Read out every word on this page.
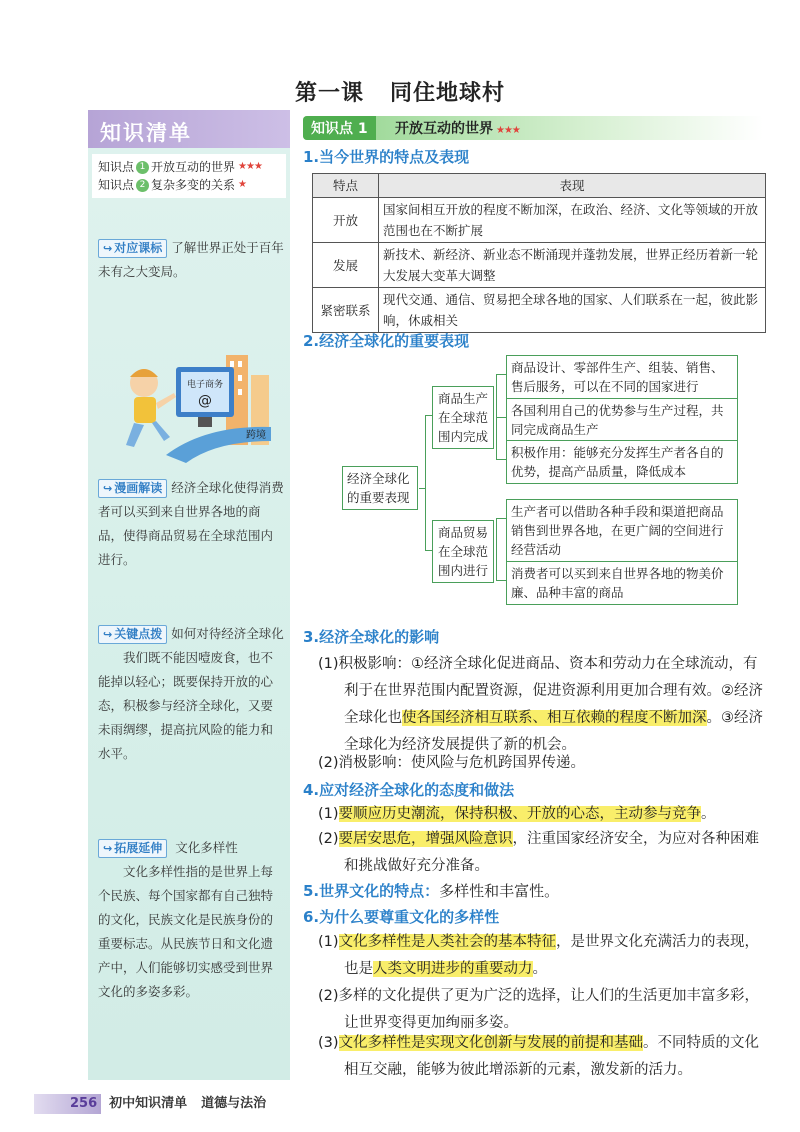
第一课 同住地球村
知识清单
知识点 1 开放互动的世界 ★★★
知识点 2 复杂多变的关系 ★
↪ 对应课标 了解世界正处于百年未有之大变局。
电子商务
@
跨境
↪ 漫画解读 经济全球化使得消费者可以买到来自世界各地的商品，使得商品贸易在全球范围内进行。
↪ 关键点拨 如何对待经济全球化
我们既不能因噎废食，也不能掉以轻心；既要保持开放的心态，积极参与经济全球化，又要未雨绸缪，提高抗风险的能力和水平。
↪ 拓展延伸 文化多样性
文化多样性指的是世界上每个民族、每个国家都有自己独特的文化，民族文化是民族身份的重要标志。从民族节日和文化遗产中，人们能够切实感受到世界文化的多姿多彩。
知识点 1	开放互动的世界 ★★★
1.当今世界的特点及表现
特点	表现
开放	国家间相互开放的程度不断加深，在政治、经济、文化等领域的开放范围也在不断扩展
发展	新技术、新经济、新业态不断涌现并蓬勃发展，世界正经历着新一轮大发展大变革大调整
紧密联系	现代交通、通信、贸易把全球各地的国家、人们联系在一起，彼此影响，休戚相关
2.经济全球化的重要表现
经济全球化的重要表现
商品生产在全球范围内完成
商品贸易在全球范围内进行
商品设计、零部件生产、组装、销售、售后服务，可以在不同的国家进行
各国利用自己的优势参与生产过程，共同完成商品生产
积极作用：能够充分发挥生产者各自的优势，提高产品质量，降低成本
生产者可以借助各种手段和渠道把商品销售到世界各地，在更广阔的空间进行经营活动
消费者可以买到来自世界各地的物美价廉、品种丰富的商品
3.经济全球化的影响
(1)积极影响：①经济全球化促进商品、资本和劳动力在全球流动，有利于在世界范围内配置资源，促进资源利用更加合理有效。②经济全球化也使各国经济相互联系、相互依赖的程度不断加深。③经济全球化为经济发展提供了新的机会。
(2)消极影响：使风险与危机跨国界传递。
4.应对经济全球化的态度和做法
(1)要顺应历史潮流，保持积极、开放的心态，主动参与竞争。
(2)要居安思危，增强风险意识，注重国家经济安全，为应对各种困难和挑战做好充分准备。
5.世界文化的特点：多样性和丰富性。
6.为什么要尊重文化的多样性
(1)文化多样性是人类社会的基本特征，是世界文化充满活力的表现，也是人类文明进步的重要动力。
(2)多样的文化提供了更为广泛的选择，让人们的生活更加丰富多彩，让世界变得更加绚丽多姿。
(3)文化多样性是实现文化创新与发展的前提和基础。不同特质的文化相互交融，能够为彼此增添新的元素，激发新的活力。
256 初中知识清单 道德与法治
